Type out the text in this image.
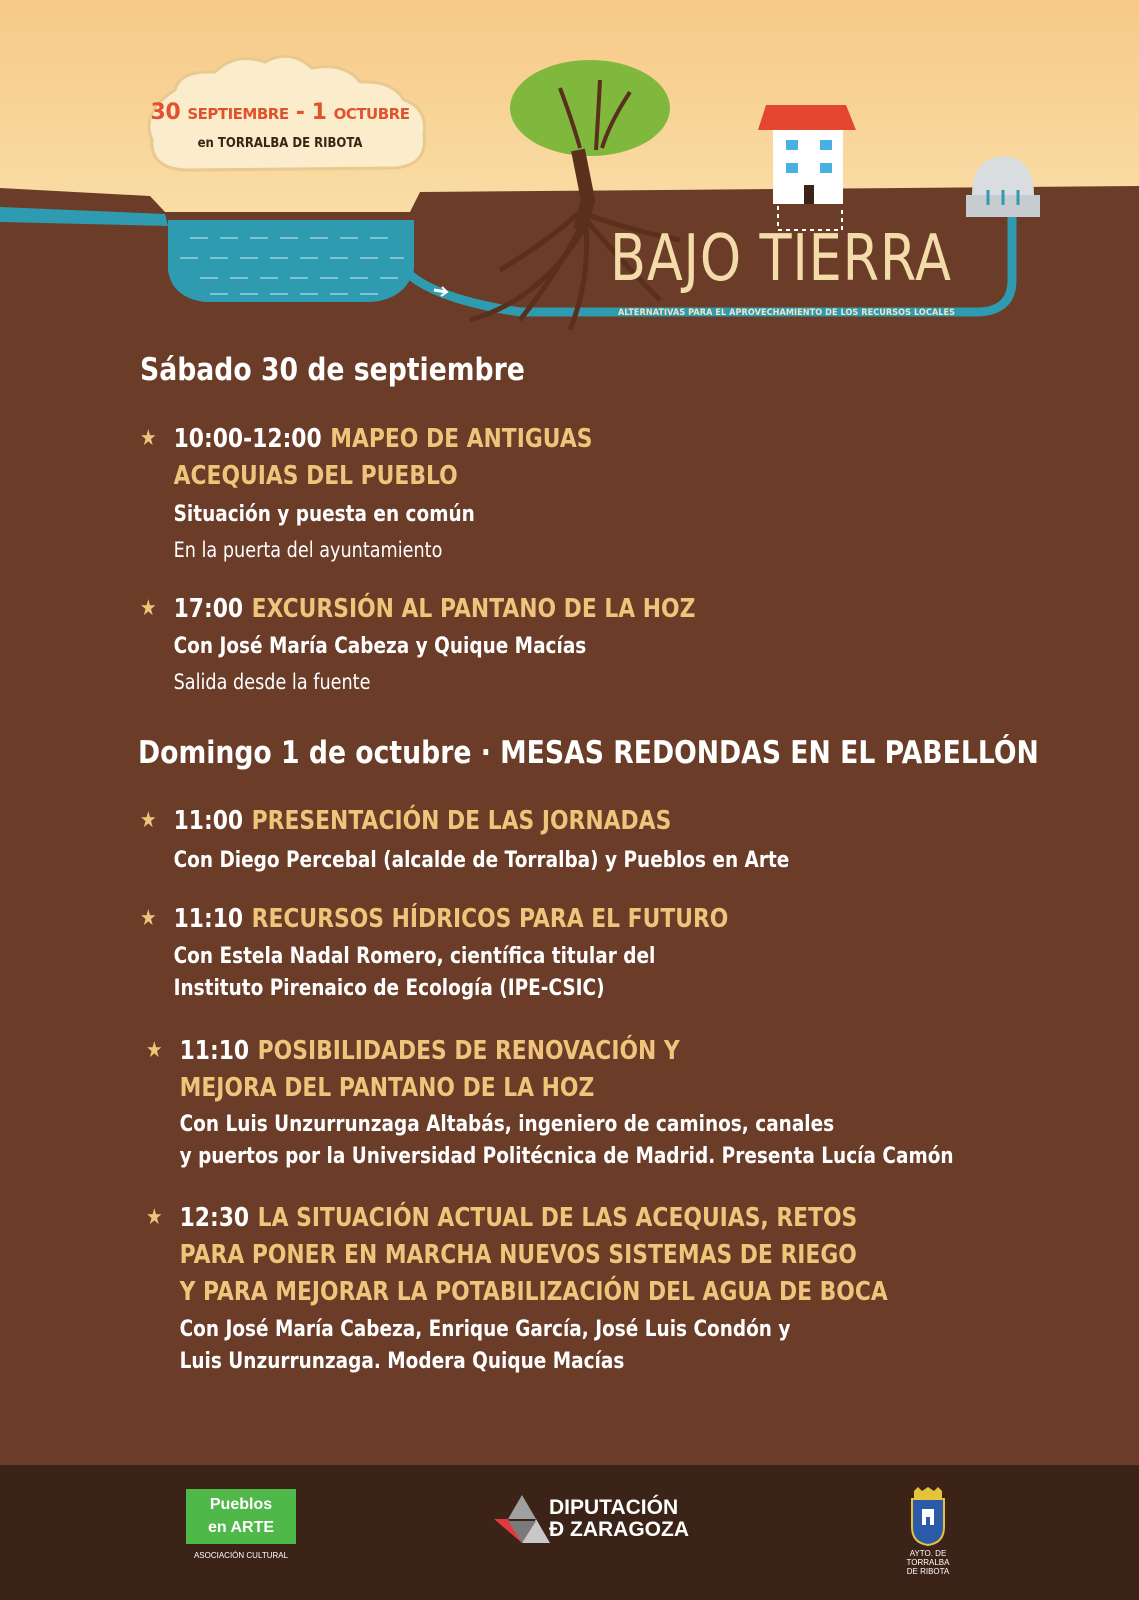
30 SEPTIEMBRE - 1 OCTUBRE
en TORRALBA DE RIBOTA
BAJO TIERRA
ALTERNATIVAS PARA EL APROVECHAMIENTO DE LOS RECURSOS LOCALES
Sábado 30 de septiembre
★ 10:00-12:00 MAPEO DE ANTIGUAS
ACEQUIAS DEL PUEBLO
Situación y puesta en común
En la puerta del ayuntamiento
★ 17:00 EXCURSIÓN AL PANTANO DE LA HOZ
Con José María Cabeza y Quique Macías
Salida desde la fuente
Domingo 1 de octubre · MESAS REDONDAS EN EL PABELLÓN
★ 11:00 PRESENTACIÓN DE LAS JORNADAS
Con Diego Percebal (alcalde de Torralba) y Pueblos en Arte
★ 11:10 RECURSOS HÍDRICOS PARA EL FUTURO
Con Estela Nadal Romero, científica titular del
Instituto Pirenaico de Ecología (IPE-CSIC)
★ 11:10 POSIBILIDADES DE RENOVACIÓN Y
MEJORA DEL PANTANO DE LA HOZ
Con Luis Unzurrunzaga Altabás, ingeniero de caminos, canales
y puertos por la Universidad Politécnica de Madrid. Presenta Lucía Camón
★ 12:30 LA SITUACIÓN ACTUAL DE LAS ACEQUIAS, RETOS
PARA PONER EN MARCHA NUEVOS SISTEMAS DE RIEGO
Y PARA MEJORAR LA POTABILIZACIÓN DEL AGUA DE BOCA
Con José María Cabeza, Enrique García, José Luis Condón y
Luis Unzurrunzaga. Modera Quique Macías
Pueblos
en ARTE
ASOCIACIÓN CULTURAL
DIPUTACIÓN
Ð ZARAGOZA
AYTO. DE
TORRALBA
DE RIBOTA
